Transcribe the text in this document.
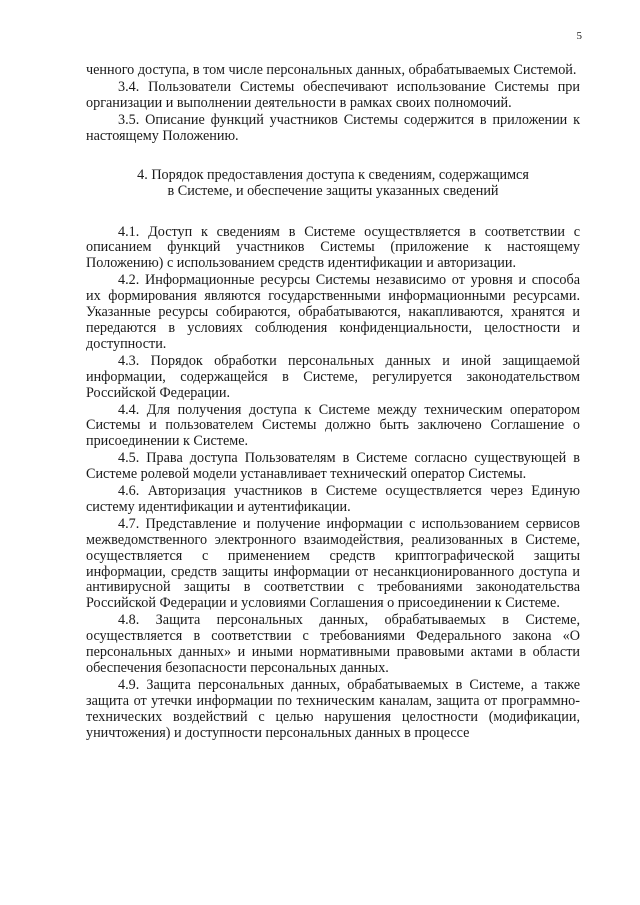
5

ченного доступа, в том числе персональных данных, обрабатываемых Системой.

3.4. Пользователи Системы обеспечивают использование Системы при организации и выполнении деятельности в рамках своих полномочий.

3.5. Описание функций участников Системы содержится в приложении к настоящему Положению.

4. Порядок предоставления доступа к сведениям, содержащимся
в Системе, и обеспечение защиты указанных сведений

4.1. Доступ к сведениям в Системе осуществляется в соответствии с описанием функций участников Системы (приложение к настоящему Положению) с использованием средств идентификации и авторизации.

4.2. Информационные ресурсы Системы независимо от уровня и способа их формирования являются государственными информационными ресурсами. Указанные ресурсы собираются, обрабатываются, накапливаются, хранятся и передаются в условиях соблюдения конфиденциальности, целостности и доступности.

4.3. Порядок обработки персональных данных и иной защищаемой информации, содержащейся в Системе, регулируется законодательством Российской Федерации.

4.4. Для получения доступа к Системе между техническим оператором Системы и пользователем Системы должно быть заключено Соглашение о присоединении к Системе.

4.5. Права доступа Пользователям в Системе согласно существующей в Системе ролевой модели устанавливает технический оператор Системы.

4.6. Авторизация участников в Системе осуществляется через Единую систему идентификации и аутентификации.

4.7. Представление и получение информации с использованием сервисов межведомственного электронного взаимодействия, реализованных в Системе, осуществляется с применением средств криптографической защиты информации, средств защиты информации от несанкционированного доступа и антивирусной защиты в соответствии с требованиями законодательства Российской Федерации и условиями Соглашения о присоединении к Системе.

4.8. Защита персональных данных, обрабатываемых в Системе, осуществляется в соответствии с требованиями Федерального закона «О персональных данных» и иными нормативными правовыми актами в области обеспечения безопасности персональных данных.

4.9. Защита персональных данных, обрабатываемых в Системе, а также защита от утечки информации по техническим каналам, защита от программно-технических воздействий с целью нарушения целостности (модификации, уничтожения) и доступности персональных данных в процессе
